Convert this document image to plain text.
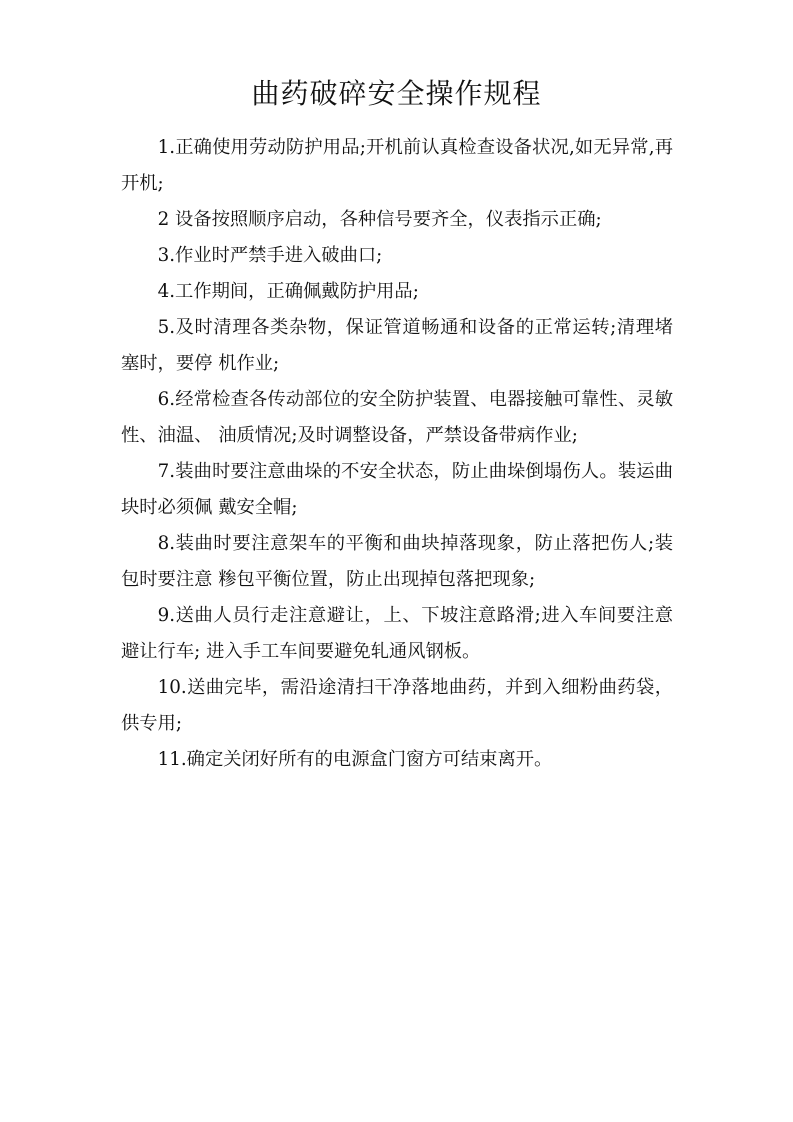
曲药破碎安全操作规程

1.正确使用劳动防护用品;开机前认真检查设备状况,如无异常,再开机;

2 设备按照顺序启动，各种信号要齐全，仪表指示正确;

3.作业时严禁手进入破曲口;

4.工作期间，正确佩戴防护用品;

5.及时清理各类杂物，保证管道畅通和设备的正常运转;清理堵塞时，要停 机作业;

6.经常检查各传动部位的安全防护装置、电器接触可靠性、灵敏性、油温、 油质情况;及时调整设备，严禁设备带病作业;

7.装曲时要注意曲垛的不安全状态，防止曲垛倒塌伤人。装运曲块时必须佩 戴安全帽;

8.装曲时要注意架车的平衡和曲块掉落现象，防止落把伤人;装包时要注意 糁包平衡位置，防止出现掉包落把现象;

9.送曲人员行走注意避让，上、下坡注意路滑;进入车间要注意避让行车; 进入手工车间要避免轧通风钢板。

10.送曲完毕，需沿途清扫干净落地曲药，并到入细粉曲药袋，供专用;

11.确定关闭好所有的电源盒门窗方可结束离开。
